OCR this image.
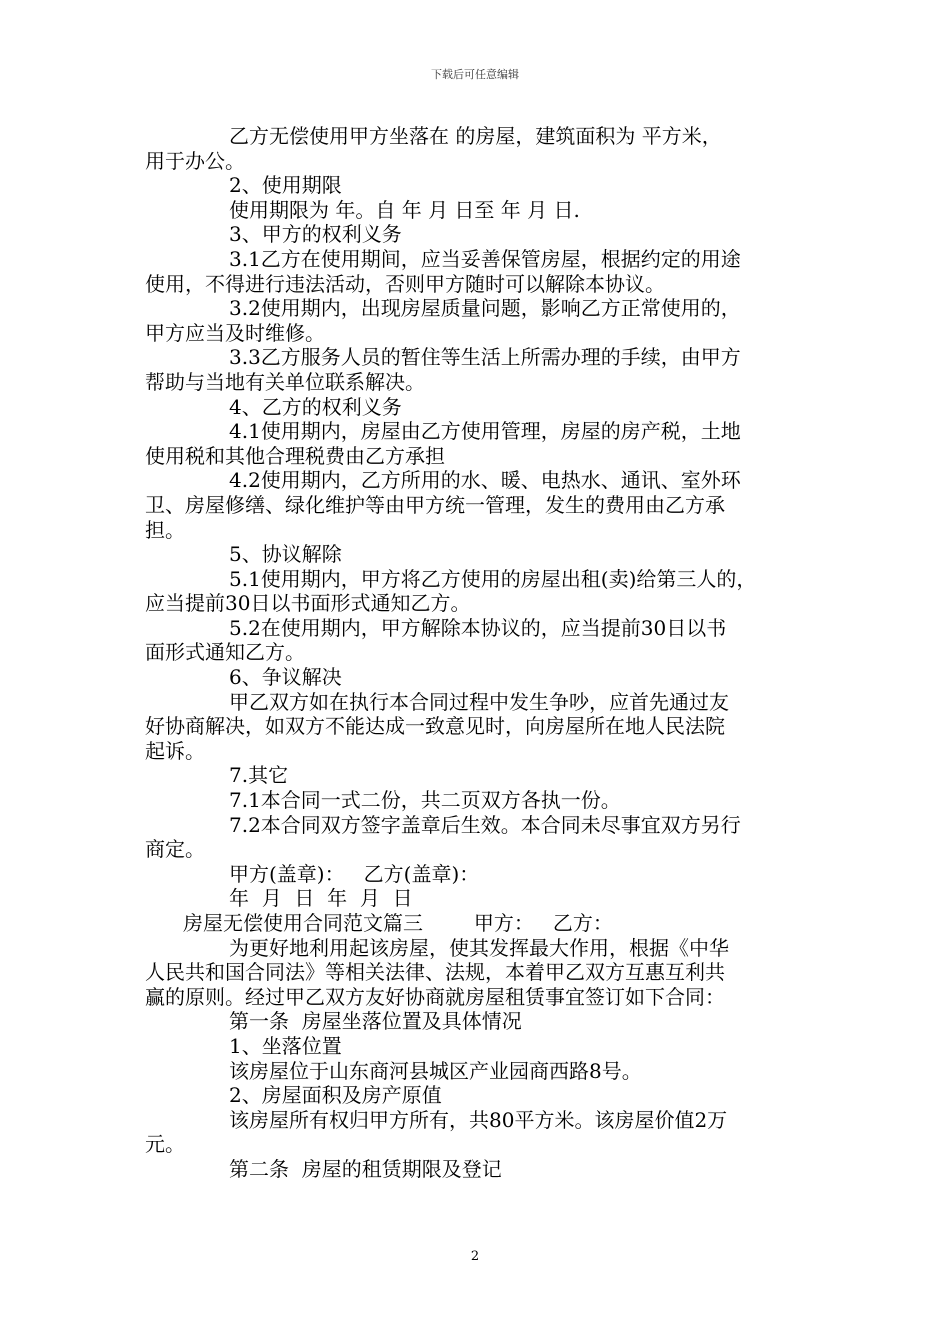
下载后可任意编辑
乙方无偿使用甲方坐落在 的房屋，建筑面积为 平方米，
用于办公。
2、使用期限
使用期限为 年。自 年 月 日至 年 月 日.
3、甲方的权利义务
3.1乙方在使用期间，应当妥善保管房屋，根据约定的用途
使用，不得进行违法活动，否则甲方随时可以解除本协议。
3.2使用期内，出现房屋质量问题，影响乙方正常使用的，
甲方应当及时维修。
3.3乙方服务人员的暂住等生活上所需办理的手续，由甲方
帮助与当地有关单位联系解决。
4、乙方的权利义务
4.1使用期内，房屋由乙方使用管理，房屋的房产税，土地
使用税和其他合理税费由乙方承担
4.2使用期内，乙方所用的水、暖、电热水、通讯、室外环
卫、房屋修缮、绿化维护等由甲方统一管理，发生的费用由乙方承
担。
5、协议解除
5.1使用期内，甲方将乙方使用的房屋出租(卖)给第三人的，
应当提前30日以书面形式通知乙方。
5.2在使用期内，甲方解除本协议的，应当提前30日以书
面形式通知乙方。
6、争议解决
甲乙双方如在执行本合同过程中发生争吵，应首先通过友
好协商解决，如双方不能达成一致意见时，向房屋所在地人民法院
起诉。
7.其它
7.1本合同一式二份，共二页双方各执一份。
7.2本合同双方签字盖章后生效。本合同未尽事宜双方另行
商定。
甲方(盖章)：   乙方(盖章)：
年  月  日  年  月  日
房屋无偿使用合同范文篇三        甲方：   乙方：
为更好地利用起该房屋，使其发挥最大作用，根据《中华
人民共和国合同法》等相关法律、法规，本着甲乙双方互惠互利共
赢的原则。经过甲乙双方友好协商就房屋租赁事宜签订如下合同：
第一条  房屋坐落位置及具体情况
1、坐落位置
该房屋位于山东商河县城区产业园商西路8号。
2、房屋面积及房产原值
该房屋所有权归甲方所有，共80平方米。该房屋价值2万
元。
第二条  房屋的租赁期限及登记
2
